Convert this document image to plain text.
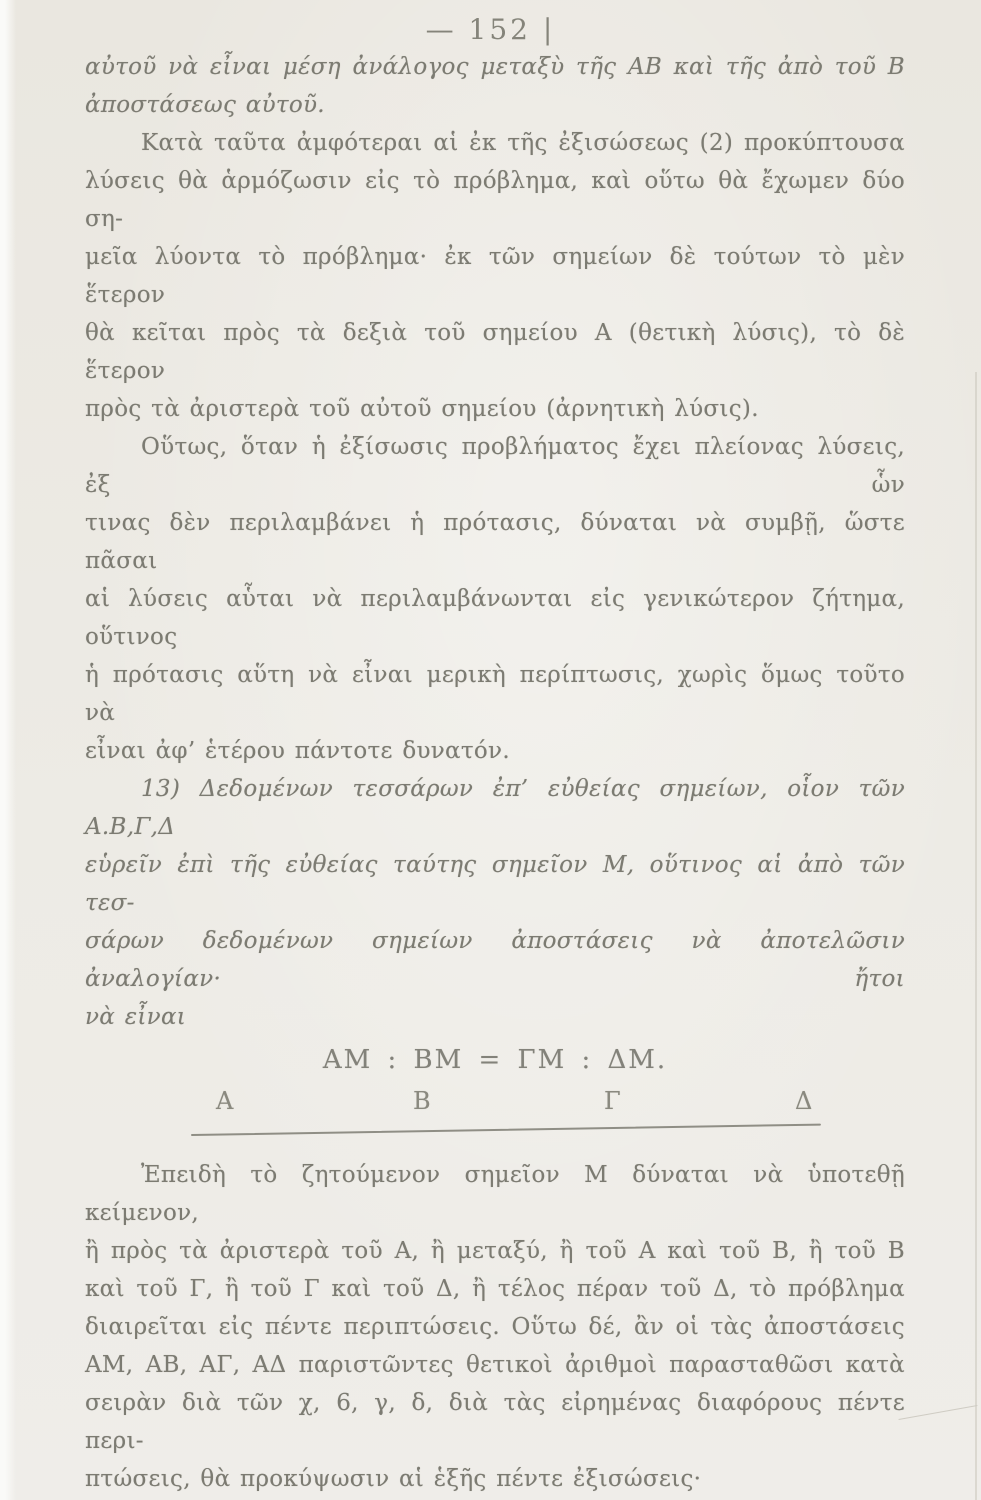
— 152 |
αὐτοῦ νὰ εἶναι μέση ἀνάλογος μεταξὺ τῆς ΑΒ καὶ τῆς ἀπὸ τοῦ Β
ἀποστάσεως αὐτοῦ.
Κατὰ ταῦτα ἀμφότεραι αἱ ἐκ τῆς ἐξισώσεως (2) προκύπτουσα
λύσεις θὰ ἁρμόζωσιν εἰς τὸ πρόβλημα, καὶ οὕτω θὰ ἔχωμεν δύο ση-
μεῖα λύοντα τὸ πρόβλημα· ἐκ τῶν σημείων δὲ τούτων τὸ μὲν ἕτερον
θὰ κεῖται πρὸς τὰ δεξιὰ τοῦ σημείου Α (θετικὴ λύσις), τὸ δὲ ἕτερον
πρὸς τὰ ἀριστερὰ τοῦ αὐτοῦ σημείου (ἀρνητικὴ λύσις).
Οὕτως, ὅταν ἡ ἐξίσωσις προβλήματος ἔχει πλείονας λύσεις, ἐξ ὧν
τινας δὲν περιλαμβάνει ἡ πρότασις, δύναται νὰ συμβῇ, ὥστε πᾶσαι
αἱ λύσεις αὗται νὰ περιλαμβάνωνται εἰς γενικώτερον ζήτημα, οὕτινος
ἡ πρότασις αὕτη νὰ εἶναι μερικὴ περίπτωσις, χωρὶς ὅμως τοῦτο νὰ
εἶναι ἀφ’ ἑτέρου πάντοτε δυνατόν.
13) Δεδομένων τεσσάρων ἐπ’ εὐθείας σημείων, οἷον τῶν Α.Β,Γ,Δ
εὑρεῖν ἐπὶ τῆς εὐθείας ταύτης σημεῖον Μ, οὕτινος αἱ ἀπὸ τῶν τεσ-
σάρων δεδομένων σημείων ἀποστάσεις νὰ ἀποτελῶσιν ἀναλογίαν· ἤτοι
νὰ εἶναι
ΑΜ : ΒΜ = ΓΜ : ΔΜ.
Α	Β	Γ	Δ
Ἐπειδὴ τὸ ζητούμενον σημεῖον Μ δύναται νὰ ὑποτεθῇ κείμενον,
ἢ πρὸς τὰ ἀριστερὰ τοῦ Α, ἢ μεταξύ, ἢ τοῦ Α καὶ τοῦ Β, ἢ τοῦ Β
καὶ τοῦ Γ, ἢ τοῦ Γ καὶ τοῦ Δ, ἢ τέλος πέραν τοῦ Δ, τὸ πρόβλημα
διαιρεῖται εἰς πέντε περιπτώσεις. Οὕτω δέ, ἂν οἱ τὰς ἀποστάσεις
ΑΜ, ΑΒ, ΑΓ, ΑΔ παριστῶντες θετικοὶ ἀριθμοὶ παρασταθῶσι κατὰ
σειρὰν διὰ τῶν χ, 6, γ, δ, διὰ τὰς εἰρημένας διαφόρους πέντε περι-
πτώσεις, θὰ προκύψωσιν αἱ ἑξῆς πέντε ἐξισώσεις·
